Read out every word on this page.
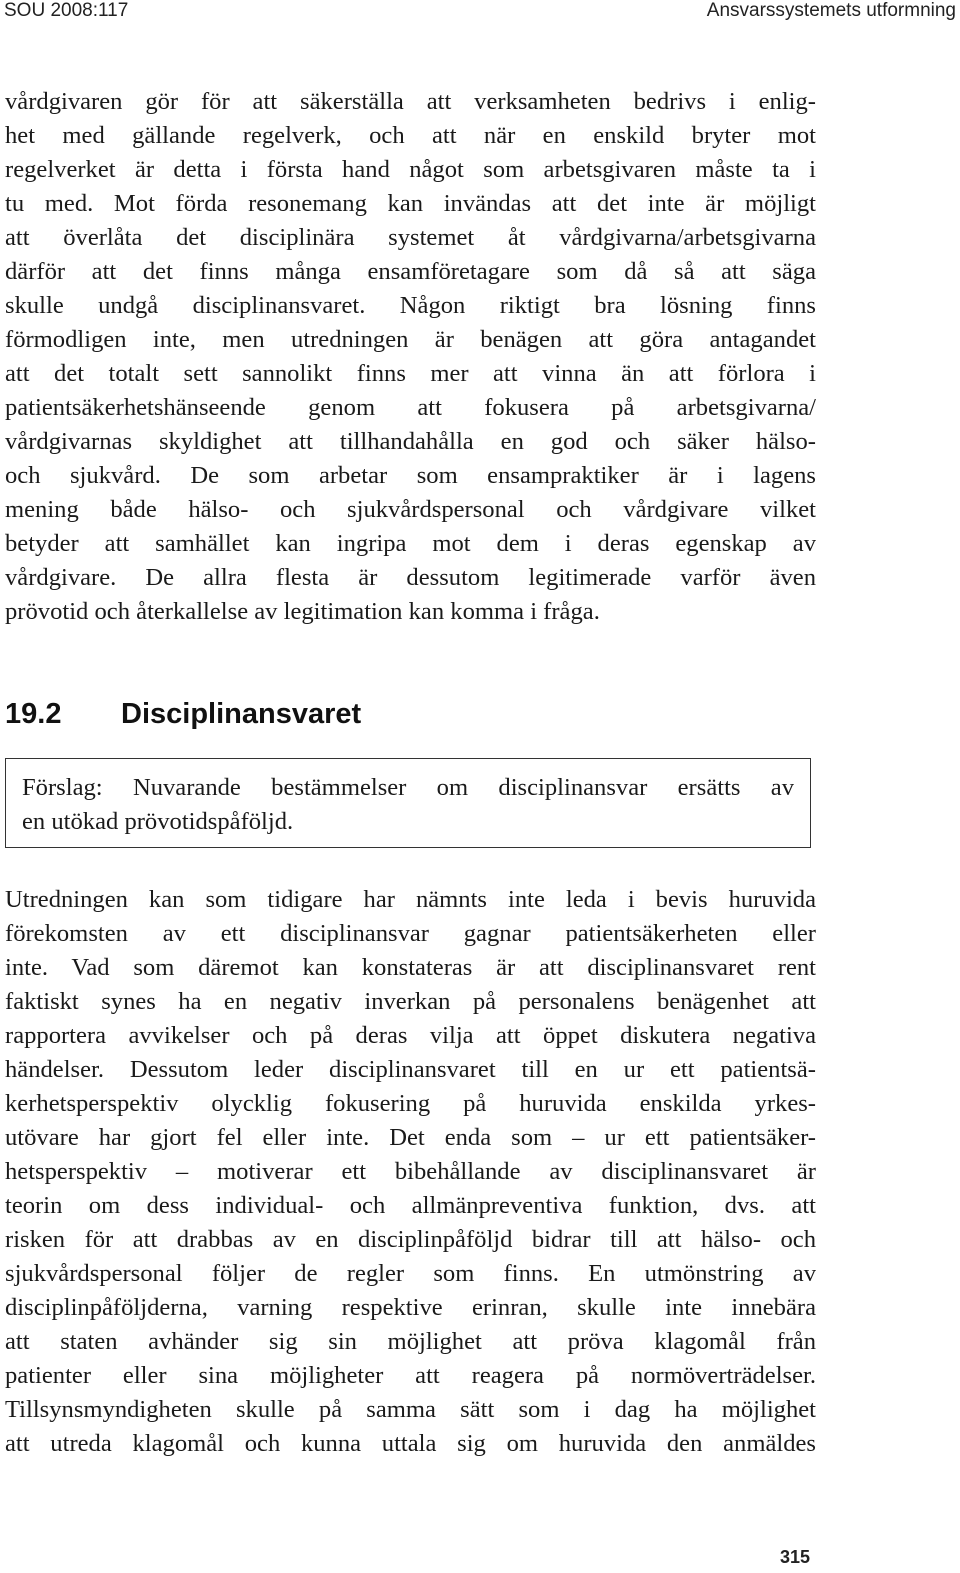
SOU 2008:117	Ansvarssystemets utformning
vårdgivaren gör för att säkerställa att verksamheten bedrivs i enlig-
het med gällande regelverk, och att när en enskild bryter mot
regelverket är detta i första hand något som arbetsgivaren måste ta i
tu med. Mot förda resonemang kan invändas att det inte är möjligt
att överlåta det disciplinära systemet åt vårdgivarna/arbetsgivarna
därför att det finns många ensamföretagare som då så att säga
skulle undgå disciplinansvaret. Någon riktigt bra lösning finns
förmodligen inte, men utredningen är benägen att göra antagandet
att det totalt sett sannolikt finns mer att vinna än att förlora i
patientsäkerhetshänseende genom att fokusera på arbetsgivarna/
vårdgivarnas skyldighet att tillhandahålla en god och säker hälso-
och sjukvård. De som arbetar som ensampraktiker är i lagens
mening både hälso- och sjukvårdspersonal och vårdgivare vilket
betyder att samhället kan ingripa mot dem i deras egenskap av
vårdgivare. De allra flesta är dessutom legitimerade varför även
prövotid och återkallelse av legitimation kan komma i fråga.
19.2 Disciplinansvaret
Förslag: Nuvarande bestämmelser om disciplinansvar ersätts av
en utökad prövotidspåföljd.
Utredningen kan som tidigare har nämnts inte leda i bevis huruvida
förekomsten av ett disciplinansvar gagnar patientsäkerheten eller
inte. Vad som däremot kan konstateras är att disciplinansvaret rent
faktiskt synes ha en negativ inverkan på personalens benägenhet att
rapportera avvikelser och på deras vilja att öppet diskutera negativa
händelser. Dessutom leder disciplinansvaret till en ur ett patientsä-
kerhetsperspektiv olycklig fokusering på huruvida enskilda yrkes-
utövare har gjort fel eller inte. Det enda som – ur ett patientsäker-
hetsperspektiv – motiverar ett bibehållande av disciplinansvaret är
teorin om dess individual- och allmänpreventiva funktion, dvs. att
risken för att drabbas av en disciplinpåföljd bidrar till att hälso- och
sjukvårdspersonal följer de regler som finns. En utmönstring av
disciplinpåföljderna, varning respektive erinran, skulle inte innebära
att staten avhänder sig sin möjlighet att pröva klagomål från
patienter eller sina möjligheter att reagera på normöverträdelser.
Tillsynsmyndigheten skulle på samma sätt som i dag ha möjlighet
att utreda klagomål och kunna uttala sig om huruvida den anmäldes
315
